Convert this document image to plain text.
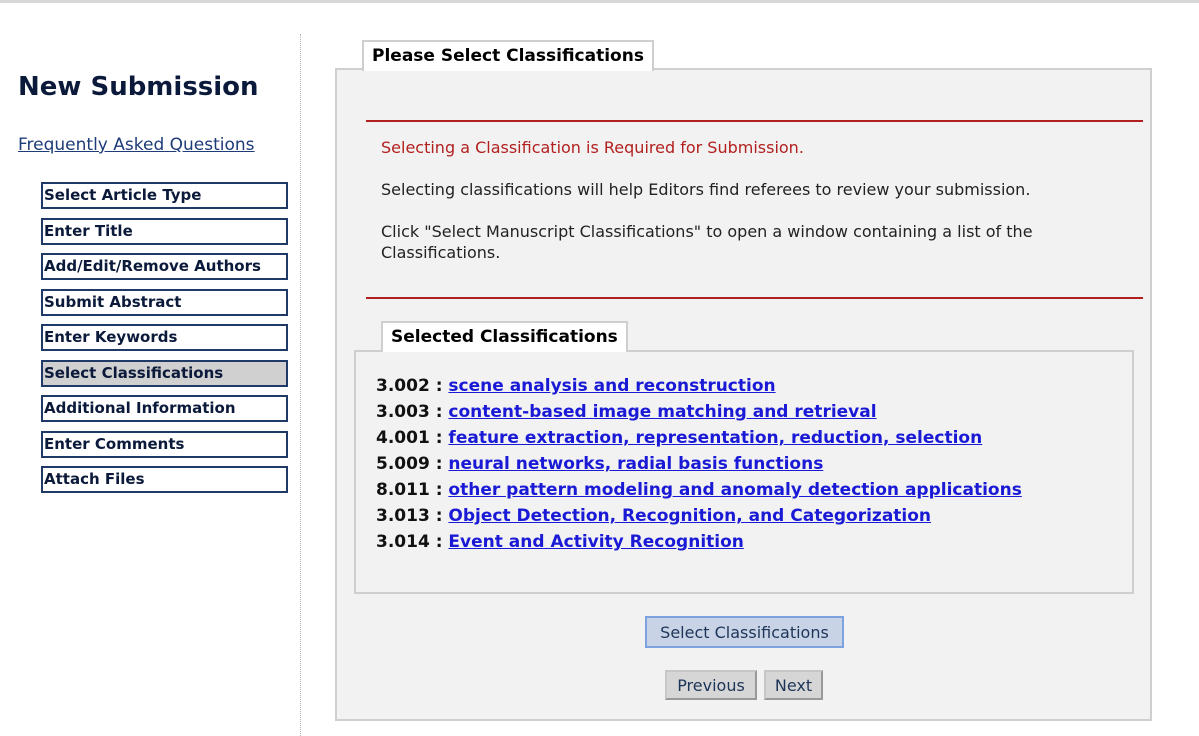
New Submission
Frequently Asked Questions
Select Article Type
Enter Title
Add/Edit/Remove Authors
Submit Abstract
Enter Keywords
Select Classifications
Additional Information
Enter Comments
Attach Files
Please Select Classifications

Selecting a Classification is Required for Submission.

Selecting classifications will help Editors find referees to review your submission.

Click "Select Manuscript Classifications" to open a window containing a list of the Classifications.

Selected Classifications
3.002 : scene analysis and reconstruction
3.003 : content-based image matching and retrieval
4.001 : feature extraction, representation, reduction, selection
5.009 : neural networks, radial basis functions
8.011 : other pattern modeling and anomaly detection applications
3.013 : Object Detection, Recognition, and Categorization
3.014 : Event and Activity Recognition
Select Classifications
Previous	Next
